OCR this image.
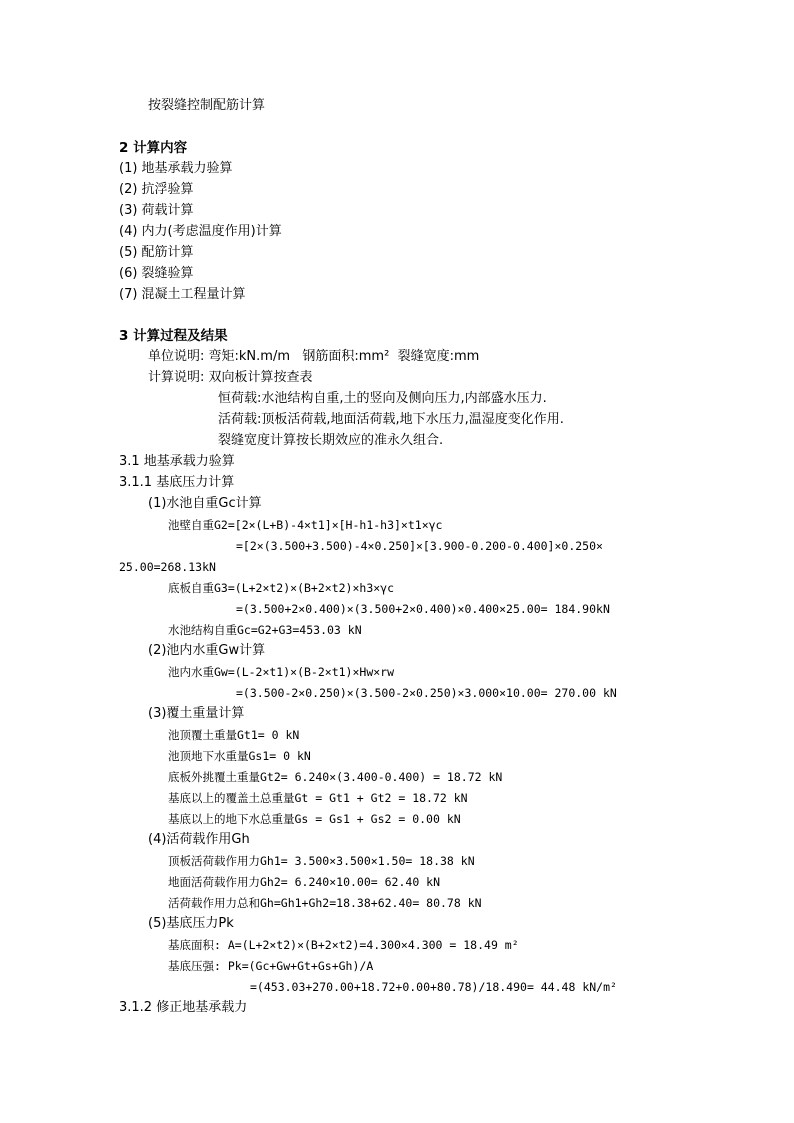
按裂缝控制配筋计算
2 计算内容
(1) 地基承载力验算
(2) 抗浮验算
(3) 荷载计算
(4) 内力(考虑温度作用)计算
(5) 配筋计算
(6) 裂缝验算
(7) 混凝土工程量计算
3 计算过程及结果
单位说明: 弯矩:kN.m/m   钢筋面积:mm²  裂缝宽度:mm
计算说明: 双向板计算按查表
恒荷载:水池结构自重,土的竖向及侧向压力,内部盛水压力.
活荷载:顶板活荷载,地面活荷载,地下水压力,温湿度变化作用.
裂缝宽度计算按长期效应的准永久组合.
3.1 地基承载力验算
3.1.1 基底压力计算
(1)水池自重Gc计算
池壁自重G2=[2×(L+B)-4×t1]×[H-h1-h3]×t1×γc
=[2×(3.500+3.500)-4×0.250]×[3.900-0.200-0.400]×0.250×
25.00=268.13kN
底板自重G3=(L+2×t2)×(B+2×t2)×h3×γc
=(3.500+2×0.400)×(3.500+2×0.400)×0.400×25.00= 184.90kN
水池结构自重Gc=G2+G3=453.03 kN
(2)池内水重Gw计算
池内水重Gw=(L-2×t1)×(B-2×t1)×Hw×rw
=(3.500-2×0.250)×(3.500-2×0.250)×3.000×10.00= 270.00 kN
(3)覆土重量计算
池顶覆土重量Gt1= 0 kN
池顶地下水重量Gs1= 0 kN
底板外挑覆土重量Gt2= 6.240×(3.400-0.400) = 18.72 kN
基底以上的覆盖土总重量Gt = Gt1 + Gt2 = 18.72 kN
基底以上的地下水总重量Gs = Gs1 + Gs2 = 0.00 kN
(4)活荷载作用Gh
顶板活荷载作用力Gh1= 3.500×3.500×1.50= 18.38 kN
地面活荷载作用力Gh2= 6.240×10.00= 62.40 kN
活荷载作用力总和Gh=Gh1+Gh2=18.38+62.40= 80.78 kN
(5)基底压力Pk
基底面积: A=(L+2×t2)×(B+2×t2)=4.300×4.300 = 18.49 m²
基底压强: Pk=(Gc+Gw+Gt+Gs+Gh)/A
=(453.03+270.00+18.72+0.00+80.78)/18.490= 44.48 kN/m²
3.1.2 修正地基承载力
